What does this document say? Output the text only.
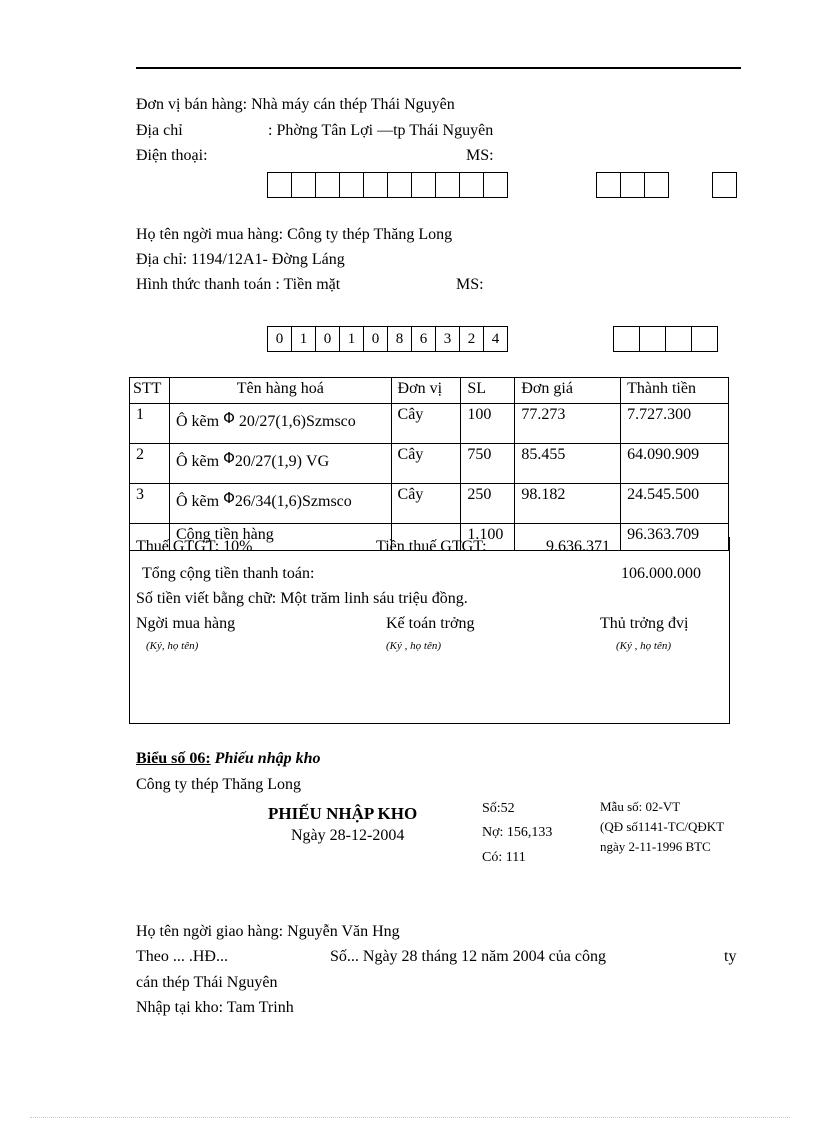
Đơn vị bán hàng: Nhà máy cán thép Thái Nguyên
Địa chỉ	: Phờng Tân Lợi —tp Thái Nguyên
Điện thoại:	MS:
Họ tên ngời mua hàng: Công ty thép Thăng Long
Địa chỉ: 1194/12A1- Đờng Láng
Hình thức thanh toán : Tiền mặt	MS:
0	1	0	1	0	8	6	3	2	4
STT	Tên hàng hoá	Đơn vị	SL	Đơn giá	Thành tiền
1	Ô kẽm Φ 20/27(1,6)Szmsco	Cây	100	77.273	7.727.300
2	Ô kẽm Φ20/27(1,9) VG	Cây	750	85.455	64.090.909
3	Ô kẽm Φ26/34(1,6)Szmsco	Cây	250	98.182	24.545.500
	Cộng tiền hàng		1.100		96.363.709
Thuế GTGT: 10%	Tiền thuế GTGT:	9.636.371
Tổng cộng tiền thanh toán:	106.000.000
Số tiền viết bằng chữ: Một trăm linh sáu triệu đồng.
Ngời mua hàng
(Ký, họ tên)
Kế toán trởng
(Ký , họ tên)
Thủ trởng đvị
(Ký , họ tên)
Biểu số 06: Phiếu nhập kho
Công ty thép Thăng Long
PHIẾU NHẬP KHO
Ngày 28-12-2004
Số:52
Nợ: 156,133
Có: 111
Mẫu số: 02-VT
(QĐ số1141-TC/QĐKT
ngày 2-11-1996 BTC
Họ tên ngời giao hàng: Nguyễn Văn Hng
Theo ... .HĐ...	Số... Ngày 28 tháng 12 năm 2004 của công	ty
cán thép Thái Nguyên
Nhập tại kho: Tam Trinh
